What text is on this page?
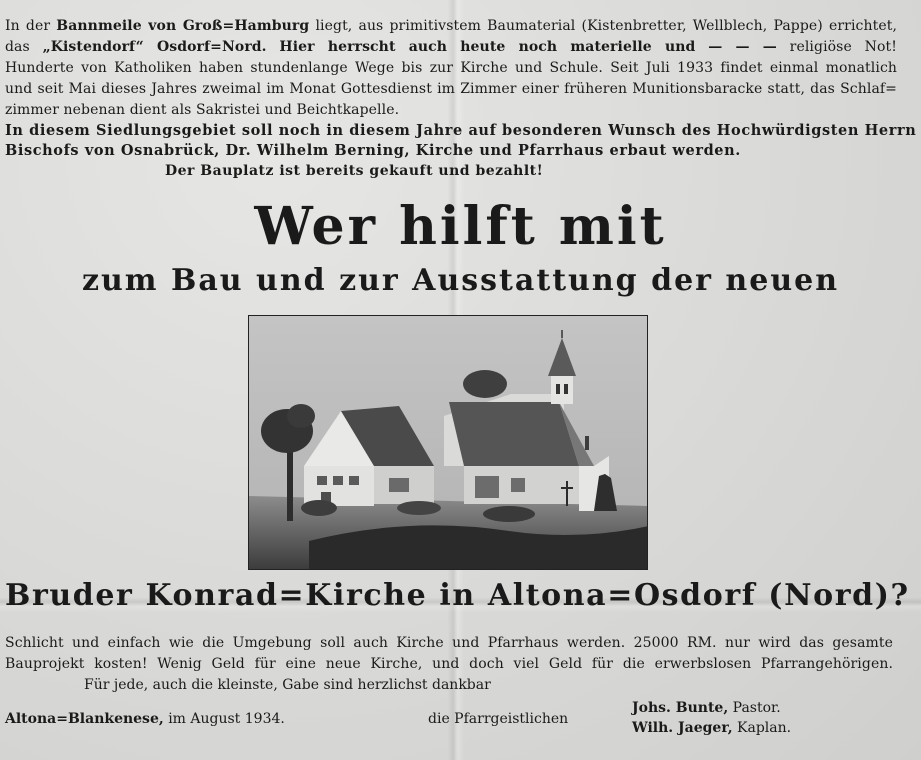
In der Bannmeile von Groß=Hamburg liegt, aus primitivstem Baumaterial (Kistenbretter, Wellblech, Pappe) errichtet,
das „Kistendorf“ Osdorf=Nord. Hier herrscht auch heute noch materielle und — — — religiöse Not!
Hunderte von Katholiken haben stundenlange Wege bis zur Kirche und Schule. Seit Juli 1933 findet einmal monatlich
und seit Mai dieses Jahres zweimal im Monat Gottesdienst im Zimmer einer früheren Munitionsbaracke statt, das Schlaf=
zimmer nebenan dient als Sakristei und Beichtkapelle.
In diesem Siedlungsgebiet soll noch in diesem Jahre auf besonderen Wunsch des Hochwürdigsten Herrn
Bischofs von Osnabrück, Dr. Wilhelm Berning, Kirche und Pfarrhaus erbaut werden.
Der Bauplatz ist bereits gekauft und bezahlt!
Wer hilft mit
zum Bau und zur Ausstattung der neuen
Bruder Konrad=Kirche in Altona=Osdorf (Nord)?
Schlicht und einfach wie die Umgebung soll auch Kirche und Pfarrhaus werden. 25000 RM. nur wird das gesamte
Bauprojekt kosten! Wenig Geld für eine neue Kirche, und doch viel Geld für die erwerbslosen Pfarrangehörigen.
Für jede, auch die kleinste, Gabe sind herzlichst dankbar
Altona=Blankenese, im August 1934.	die Pfarrgeistlichen
Johs. Bunte, Pastor.
Wilh. Jaeger, Kaplan.
